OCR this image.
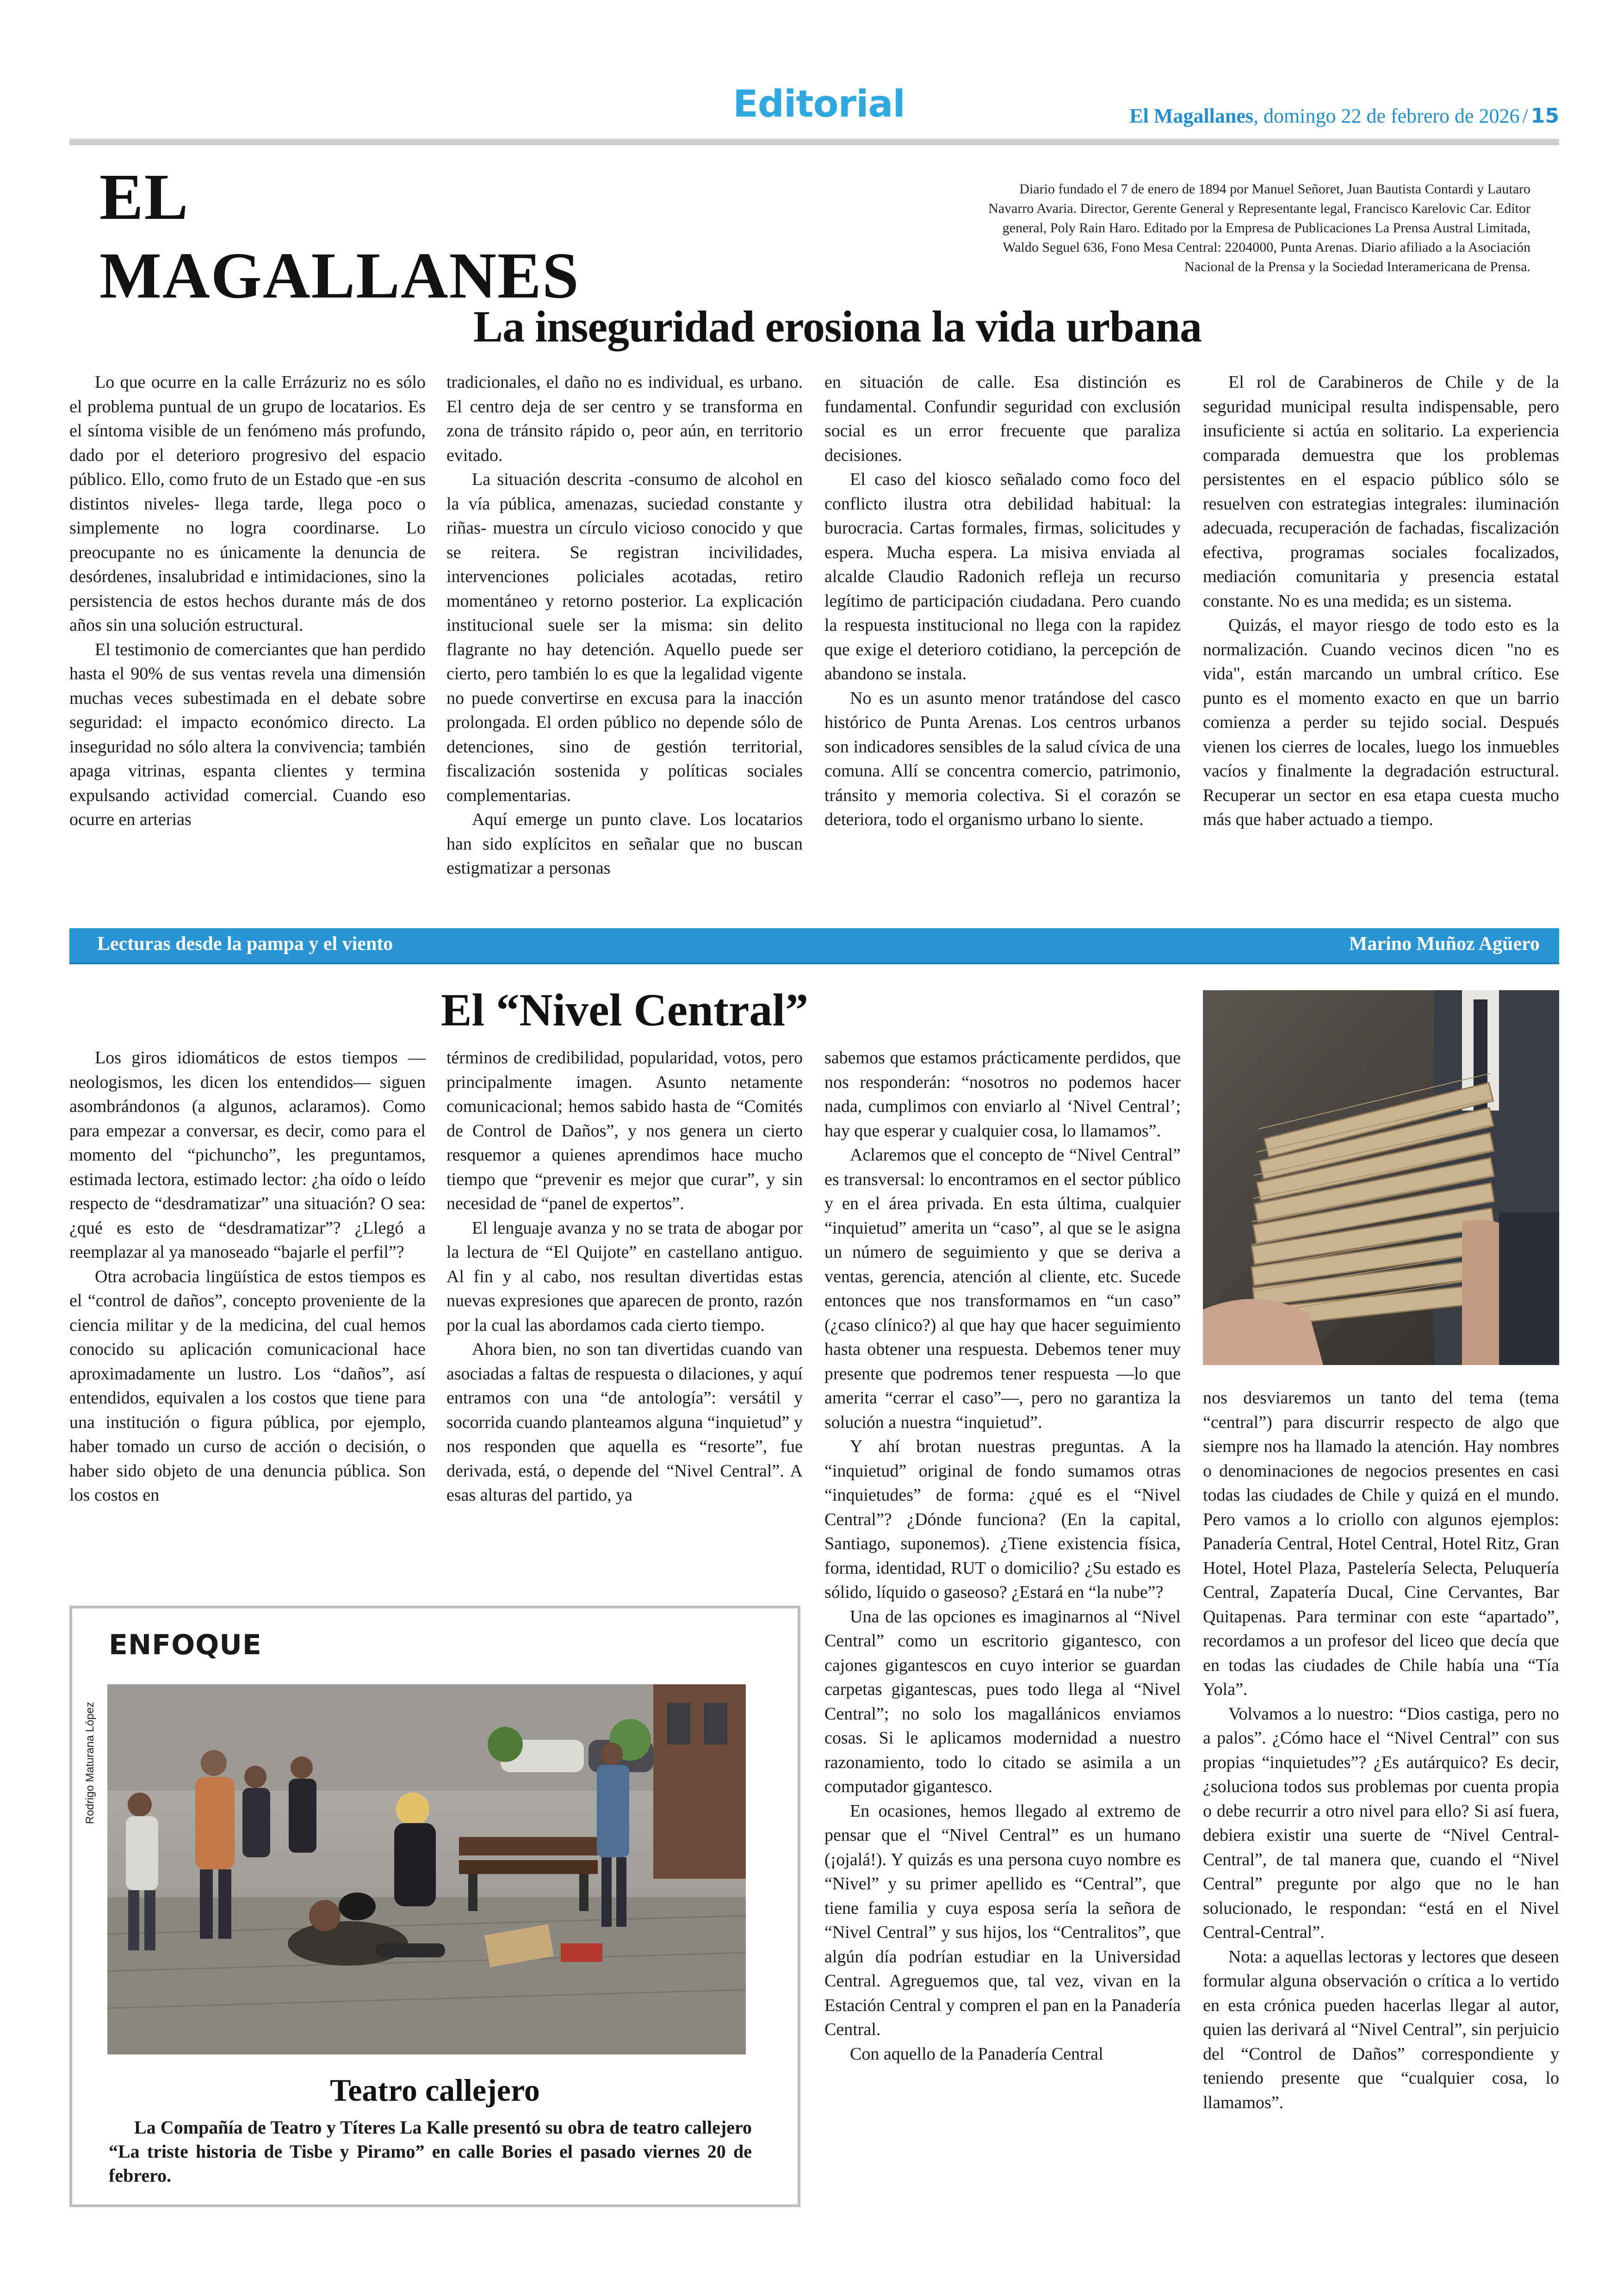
Editorial	El Magallanes, domingo 22 de febrero de 2026 / 15
EL
MAGALLANES
Diario fundado el 7 de enero de 1894 por Manuel Señoret, Juan Bautista Contardi y Lautaro
Navarro Avaria. Director, Gerente General y Representante legal, Francisco Karelovic Car. Editor
general, Poly Rain Haro. Editado por la Empresa de Publicaciones La Prensa Austral Limitada,
Waldo Seguel 636, Fono Mesa Central: 2204000, Punta Arenas. Diario afiliado a la Asociación
Nacional de la Prensa y la Sociedad Interamericana de Prensa.
La inseguridad erosiona la vida urbana

Lo que ocurre en la calle Errázuriz no es sólo el problema puntual de un grupo de locatarios. Es el síntoma visible de un fenómeno más profundo, dado por el deterioro progresivo del espacio público. Ello, como fruto de un Estado que -en sus distintos niveles- llega tarde, llega poco o simplemente no logra coordinarse. Lo preocupante no es únicamente la denuncia de desórdenes, insalubridad e intimidaciones, sino la persistencia de estos hechos durante más de dos años sin una solución estructural.

El testimonio de comerciantes que han perdido hasta el 90% de sus ventas revela una dimensión muchas veces subestimada en el debate sobre seguridad: el impacto económico directo. La inseguridad no sólo altera la convivencia; también apaga vitrinas, espanta clientes y termina expulsando actividad comercial. Cuando eso ocurre en arterias

tradicionales, el daño no es individual, es urbano. El centro deja de ser centro y se transforma en zona de tránsito rápido o, peor aún, en territorio evitado.

La situación descrita -consumo de alcohol en la vía pública, amenazas, suciedad constante y riñas- muestra un círculo vicioso conocido y que se reitera. Se registran incivilidades, intervenciones policiales acotadas, retiro momentáneo y retorno posterior. La explicación institucional suele ser la misma: sin delito flagrante no hay detención. Aquello puede ser cierto, pero también lo es que la legalidad vigente no puede convertirse en excusa para la inacción prolongada. El orden público no depende sólo de detenciones, sino de gestión territorial, fiscalización sostenida y políticas sociales complementarias.

Aquí emerge un punto clave. Los locatarios han sido explícitos en señalar que no buscan estigmatizar a personas

en situación de calle. Esa distinción es fundamental. Confundir seguridad con exclusión social es un error frecuente que paraliza decisiones.

El caso del kiosco señalado como foco del conflicto ilustra otra debilidad habitual: la burocracia. Cartas formales, firmas, solicitudes y espera. Mucha espera. La misiva enviada al alcalde Claudio Radonich refleja un recurso legítimo de participación ciudadana. Pero cuando la respuesta institucional no llega con la rapidez que exige el deterioro cotidiano, la percepción de abandono se instala.

No es un asunto menor tratándose del casco histórico de Punta Arenas. Los centros urbanos son indicadores sensibles de la salud cívica de una comuna. Allí se concentra comercio, patrimonio, tránsito y memoria colectiva. Si el corazón se deteriora, todo el organismo urbano lo siente.

El rol de Carabineros de Chile y de la seguridad municipal resulta indispensable, pero insuficiente si actúa en solitario. La experiencia comparada demuestra que los problemas persistentes en el espacio público sólo se resuelven con estrategias integrales: iluminación adecuada, recuperación de fachadas, fiscalización efectiva, programas sociales focalizados, mediación comunitaria y presencia estatal constante. No es una medida; es un sistema.

Quizás, el mayor riesgo de todo esto es la normalización. Cuando vecinos dicen "no es vida", están marcando un umbral crítico. Ese punto es el momento exacto en que un barrio comienza a perder su tejido social. Después vienen los cierres de locales, luego los inmuebles vacíos y finalmente la degradación estructural. Recuperar un sector en esa etapa cuesta mucho más que haber actuado a tiempo.

Lecturas desde la pampa y el viento	Marino Muñoz Agüero
El “Nivel Central”

Los giros idiomáticos de estos tiempos —neologismos, les dicen los entendidos— siguen asombrándonos (a algunos, aclaramos). Como para empezar a conversar, es decir, como para el momento del “pichuncho”, les preguntamos, estimada lectora, estimado lector: ¿ha oído o leído respecto de “desdramatizar” una situación? O sea: ¿qué es esto de “desdramatizar”? ¿Llegó a reemplazar al ya manoseado “bajarle el perfil”?

Otra acrobacia lingüística de estos tiempos es el “control de daños”, concepto proveniente de la ciencia militar y de la medicina, del cual hemos conocido su aplicación comunicacional hace aproximadamente un lustro. Los “daños”, así entendidos, equivalen a los costos que tiene para una institución o figura pública, por ejemplo, haber tomado un curso de acción o decisión, o haber sido objeto de una denuncia pública. Son los costos en

términos de credibilidad, popularidad, votos, pero principalmente imagen. Asunto netamente comunicacional; hemos sabido hasta de “Comités de Control de Daños”, y nos genera un cierto resquemor a quienes aprendimos hace mucho tiempo que “prevenir es mejor que curar”, y sin necesidad de “panel de expertos”.

El lenguaje avanza y no se trata de abogar por la lectura de “El Quijote” en castellano antiguo. Al fin y al cabo, nos resultan divertidas estas nuevas expresiones que aparecen de pronto, razón por la cual las abordamos cada cierto tiempo.

Ahora bien, no son tan divertidas cuando van asociadas a faltas de respuesta o dilaciones, y aquí entramos con una “de antología”: versátil y socorrida cuando planteamos alguna “inquietud” y nos responden que aquella es “resorte”, fue derivada, está, o depende del “Nivel Central”. A esas alturas del partido, ya

sabemos que estamos prácticamente perdidos, que nos responderán: “nosotros no podemos hacer nada, cumplimos con enviarlo al ‘Nivel Central’; hay que esperar y cualquier cosa, lo llamamos”.

Aclaremos que el concepto de “Nivel Central” es transversal: lo encontramos en el sector público y en el área privada. En esta última, cualquier “inquietud” amerita un “caso”, al que se le asigna un número de seguimiento y que se deriva a ventas, gerencia, atención al cliente, etc. Sucede entonces que nos transformamos en “un caso” (¿caso clínico?) al que hay que hacer seguimiento hasta obtener una respuesta. Debemos tener muy presente que podremos tener respuesta —lo que amerita “cerrar el caso”—, pero no garantiza la solución a nuestra “inquietud”.

Y ahí brotan nuestras preguntas. A la “inquietud” original de fondo sumamos otras “inquietudes” de forma: ¿qué es el “Nivel Central”? ¿Dónde funciona? (En la capital, Santiago, suponemos). ¿Tiene existencia física, forma, identidad, RUT o domicilio? ¿Su estado es sólido, líquido o gaseoso? ¿Estará en “la nube”?

Una de las opciones es imaginarnos al “Nivel Central” como un escritorio gigantesco, con cajones gigantescos en cuyo interior se guardan carpetas gigantescas, pues todo llega al “Nivel Central”; no solo los magallánicos enviamos cosas. Si le aplicamos modernidad a nuestro razonamiento, todo lo citado se asimila a un computador gigantesco.

En ocasiones, hemos llegado al extremo de pensar que el “Nivel Central” es un humano (¡ojalá!). Y quizás es una persona cuyo nombre es “Nivel” y su primer apellido es “Central”, que tiene familia y cuya esposa sería la señora de “Nivel Central” y sus hijos, los “Centralitos”, que algún día podrían estudiar en la Universidad Central. Agreguemos que, tal vez, vivan en la Estación Central y compren el pan en la Panadería Central.

Con aquello de la Panadería Central

nos desviaremos un tanto del tema (tema “central”) para discurrir respecto de algo que siempre nos ha llamado la atención. Hay nombres o denominaciones de negocios presentes en casi todas las ciudades de Chile y quizá en el mundo. Pero vamos a lo criollo con algunos ejemplos: Panadería Central, Hotel Central, Hotel Ritz, Gran Hotel, Hotel Plaza, Pastelería Selecta, Peluquería Central, Zapatería Ducal, Cine Cervantes, Bar Quitapenas. Para terminar con este “apartado”, recordamos a un profesor del liceo que decía que en todas las ciudades de Chile había una “Tía Yola”.

Volvamos a lo nuestro: “Dios castiga, pero no a palos”. ¿Cómo hace el “Nivel Central” con sus propias “inquietudes”? ¿Es autárquico? Es decir, ¿soluciona todos sus problemas por cuenta propia o debe recurrir a otro nivel para ello? Si así fuera, debiera existir una suerte de “Nivel Central-Central”, de tal manera que, cuando el “Nivel Central” pregunte por algo que no le han solucionado, le respondan: “está en el Nivel Central-Central”.

Nota: a aquellas lectoras y lectores que deseen formular alguna observación o crítica a lo vertido en esta crónica pueden hacerlas llegar al autor, quien las derivará al “Nivel Central”, sin perjuicio del “Control de Daños” correspondiente y teniendo presente que “cualquier cosa, lo llamamos”.

ENFOQUE
Rodrigo Maturana López
Teatro callejero
La Compañía de Teatro y Títeres La Kalle presentó su obra de teatro callejero “La triste historia de Tisbe y Piramo” en calle Bories el pasado viernes 20 de febrero.
